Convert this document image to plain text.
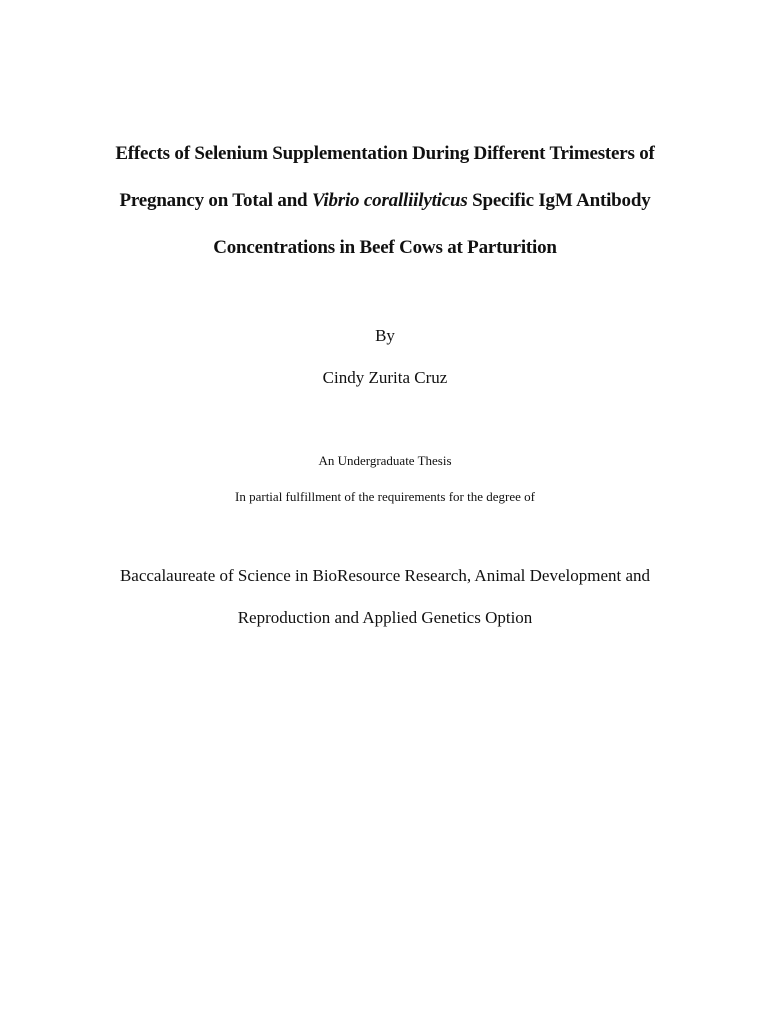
Effects of Selenium Supplementation During Different Trimesters of
Pregnancy on Total and Vibrio coralliilyticus Specific IgM Antibody
Concentrations in Beef Cows at Parturition
By
Cindy Zurita Cruz
An Undergraduate Thesis
In partial fulfillment of the requirements for the degree of
Baccalaureate of Science in BioResource Research, Animal Development and
Reproduction and Applied Genetics Option
